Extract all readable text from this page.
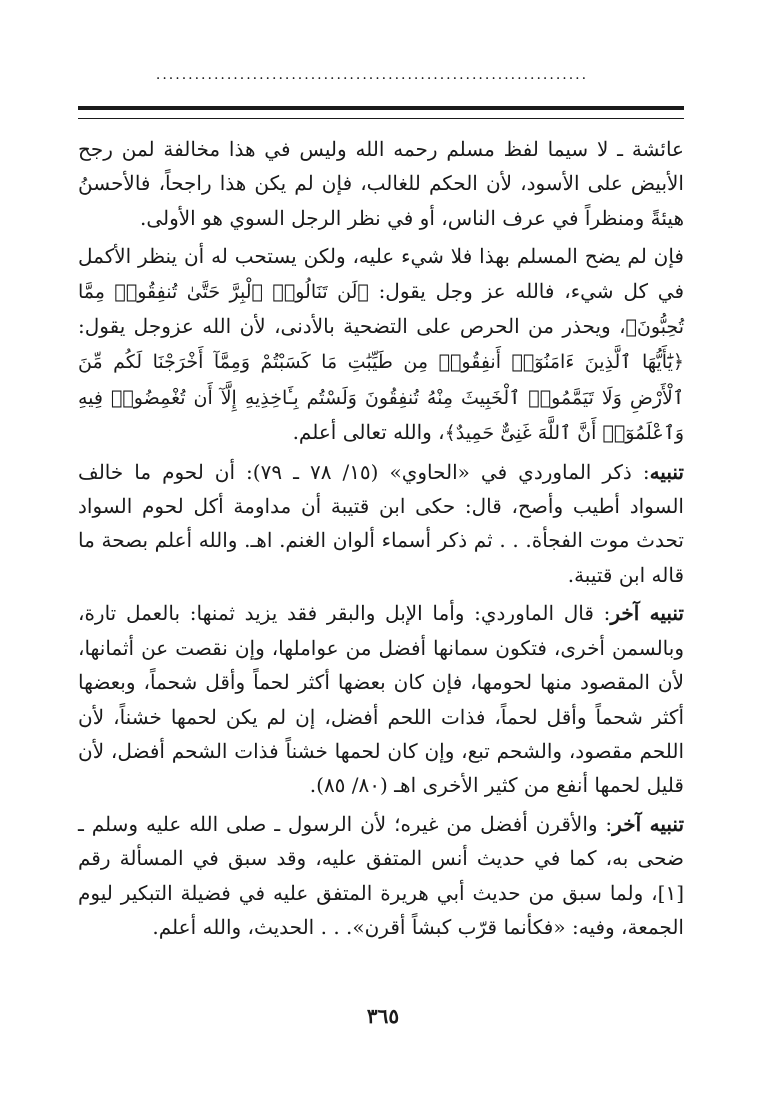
...................................................................

عائشة ـ لا سيما لفظ مسلم رحمه الله وليس في هذا مخالفة لمن رجح الأبيض على الأسود، لأن الحكم للغالب، فإن لم يكن هذا راجحاً، فالأحسنُ هيئةً ومنظراً في عرف الناس، أو في نظر الرجل السوي هو الأولى.

فإن لم يضح المسلم بهذا فلا شيء عليه، ولكن يستحب له أن ينظر الأكمل في كل شيء، فالله عز وجل يقول: ﴿لَن تَنَالُوا۟ ٱلْبِرَّ حَتَّىٰ تُنفِقُوا۟ مِمَّا تُحِبُّونَ﴾، ويحذر من الحرص على التضحية بالأدنى، لأن الله عزوجل يقول: ﴿يَٰٓأَيُّهَا ٱلَّذِينَ ءَامَنُوٓا۟ أَنفِقُوا۟ مِن طَيِّبَٰتِ مَا كَسَبْتُمْ وَمِمَّآ أَخْرَجْنَا لَكُم مِّنَ ٱلْأَرْضِ وَلَا تَيَمَّمُوا۟ ٱلْخَبِيثَ مِنْهُ تُنفِقُونَ وَلَسْتُم بِـَٔاخِذِيهِ إِلَّآ أَن تُغْمِضُوا۟ فِيهِ وَٱعْلَمُوٓا۟ أَنَّ ٱللَّهَ غَنِىٌّ حَمِيدٌ﴾، والله تعالى أعلم.

تنبيه: ذكر الماوردي في «الحاوي» (١٥/ ٧٨ ـ ٧٩): أن لحوم ما خالف السواد أطيب وأصح، قال: حكى ابن قتيبة أن مداومة أكل لحوم السواد تحدث موت الفجأة. . . ثم ذكر أسماء ألوان الغنم. اهـ. والله أعلم بصحة ما قاله ابن قتيبة.

تنبيه آخر: قال الماوردي: وأما الإبل والبقر فقد يزيد ثمنها: بالعمل تارة، وبالسمن أخرى، فتكون سمانها أفضل من عواملها، وإن نقصت عن أثمانها، لأن المقصود منها لحومها، فإن كان بعضها أكثر لحماً وأقل شحماً، وبعضها أكثر شحماً وأقل لحماً، فذات اللحم أفضل، إن لم يكن لحمها خشناً، لأن اللحم مقصود، والشحم تبع، وإن كان لحمها خشناً فذات الشحم أفضل، لأن قليل لحمها أنفع من كثير الأخرى اهـ (٨٠/ ٨٥).

تنبيه آخر: والأقرن أفضل من غيره؛ لأن الرسول ـ صلى الله عليه وسلم ـ ضحى به، كما في حديث أنس المتفق عليه، وقد سبق في المسألة رقم [١]، ولما سبق من حديث أبي هريرة المتفق عليه في فضيلة التبكير ليوم الجمعة، وفيه: «فكأنما قرّب كبشاً أقرن». . . الحديث، والله أعلم.

٣٦٥
